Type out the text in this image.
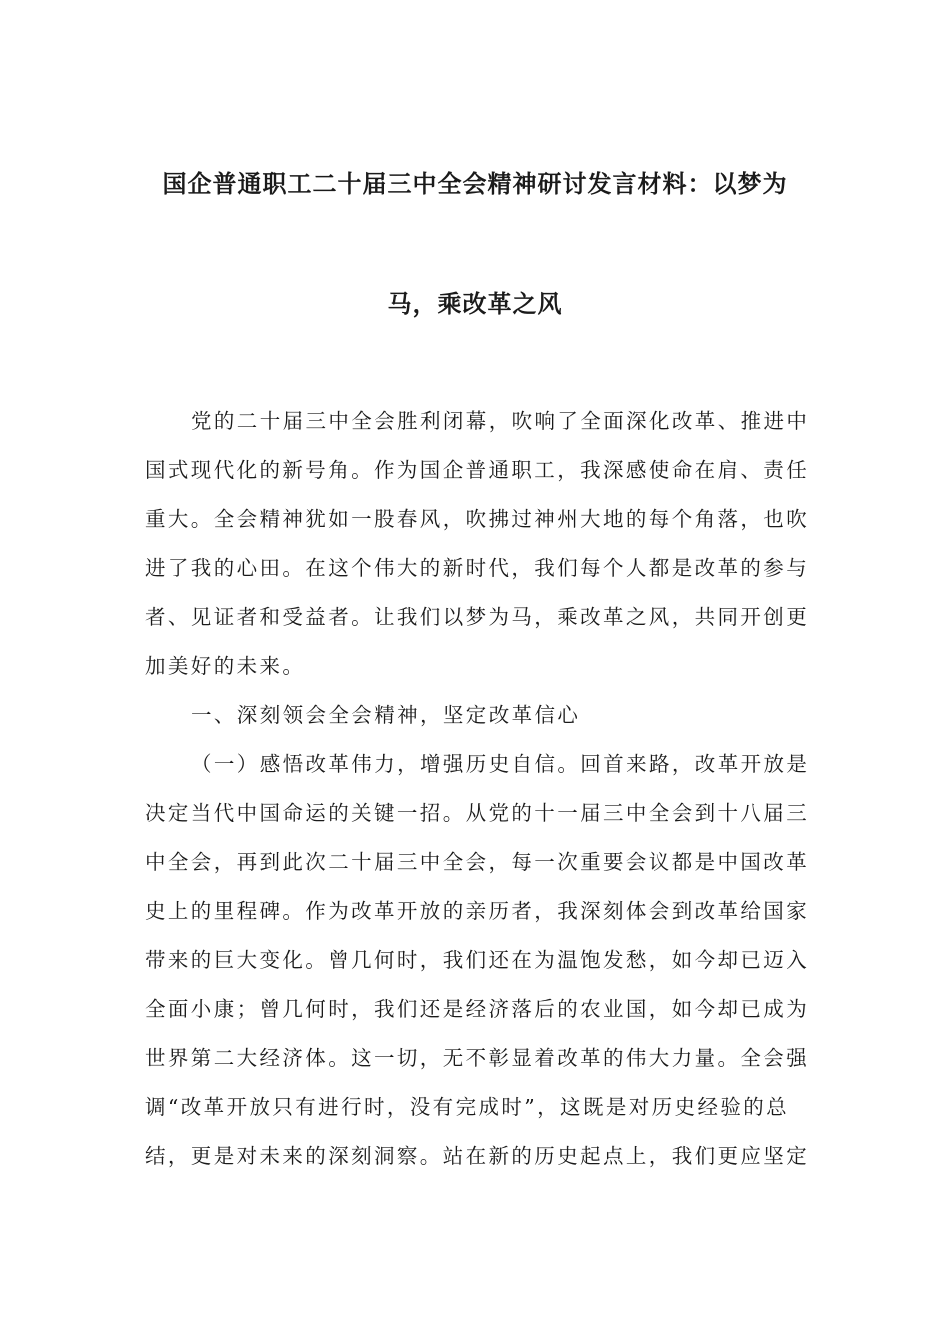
国企普通职工二十届三中全会精神研讨发言材料：以梦为
马，乘改革之风
党的二十届三中全会胜利闭幕，吹响了全面深化改革、推进中
国式现代化的新号角。作为国企普通职工，我深感使命在肩、责任
重大。全会精神犹如一股春风，吹拂过神州大地的每个角落，也吹
进了我的心田。在这个伟大的新时代，我们每个人都是改革的参与
者、见证者和受益者。让我们以梦为马，乘改革之风，共同开创更
加美好的未来。
一、深刻领会全会精神，坚定改革信心
（一）感悟改革伟力，增强历史自信。回首来路，改革开放是
决定当代中国命运的关键一招。从党的十一届三中全会到十八届三
中全会，再到此次二十届三中全会，每一次重要会议都是中国改革
史上的里程碑。作为改革开放的亲历者，我深刻体会到改革给国家
带来的巨大变化。曾几何时，我们还在为温饱发愁，如今却已迈入
全面小康；曾几何时，我们还是经济落后的农业国，如今却已成为
世界第二大经济体。这一切，无不彰显着改革的伟大力量。全会强
调“改革开放只有进行时，没有完成时”，这既是对历史经验的总
结，更是对未来的深刻洞察。站在新的历史起点上，我们更应坚定
